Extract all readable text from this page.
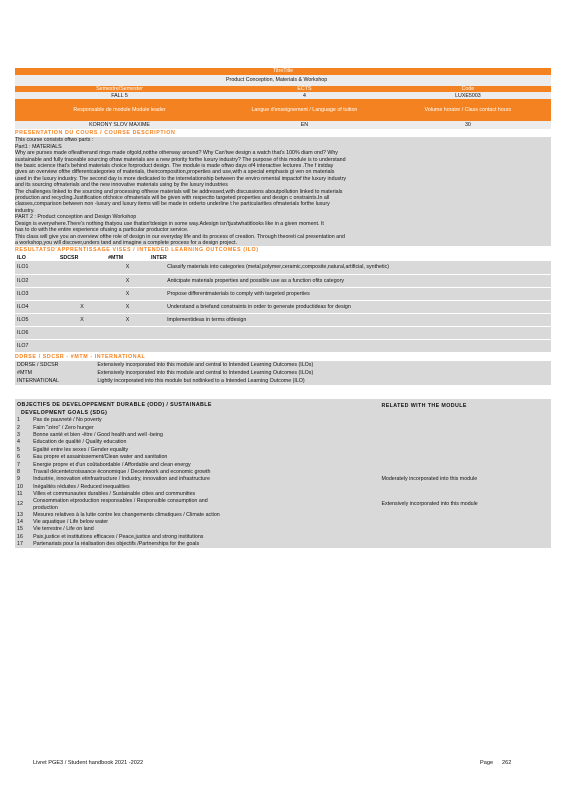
TitreTitle		
	Product Conception, Materials & Workshop	
Semestre/Semester	ECTS	Code
FALL 5	4	LUXE5003
Responsable de module Module leader	Langue d'enseignement / Language of tuition	Volume horaire / Class contact hours
KORONY SLOV MAXIME	EN	30
PRESENTATION DU COURS / COURSE DESCRIPTION
This course consists oftwo parts :
Part1 : MATERIALS
Why are purses made ofleatherand rings made ofgold,notthe otherway around? Why Can'twe design a watch that's 100% diam ond? Why
sustainable and fully traceable sourcing ofraw materials are a new priority forthe luxury industry? The purpose of this module is to understand
the basic science that's behind materials choice forproduct design. The module is made oftwo days of4 interactive lectures .The f irstday
gives an overview ofthe differentcategories of materials, theircomposition,properties and use,with a special emphasis gi ven on materials
used in the luxury industry. The second day is more dedicated to the interrelationship between the enviro nmental impactof the luxury industry
and its sourcing ofmaterials and the new innovative materials using by the luxury industries
The challenges linked to the sourcing and processing ofthese materials will be addressed,with discussions aboutpollution linked to materials
production and recycling.Justification ofchoice ofmaterials will be given with respectto targeted properties and design c onstraints.In all
classes,comparison between non -luxury and luxury items will be made in orderto underline t he particularities ofmaterials forthe luxury
industry.
PART 2 : Product conception and Design Workshop
Design is everywhere.There's nothing thatyou use thatisn'tdesign in some way.Adesign isn'tjustwhatitlooks like in a given moment. It
has to do with the entire experience ofusing a particular productor service.
This class will give you an overview ofthe role of design in our everyday life and its process of creation. Through theoreti cal presentation and
a workshop,you will discover,unders tand and imagine a complete process for a design project.
RESULTATSD'APPRENTISSAGE VISES / INTENDED LEARNING OUTCOMES (ILO)
ILO	SDCSR	#MTM	INTER	
ILO1		X		Classify materials into categories (metal,polymer,ceramic,composite,natural,artificial, synthetic)
ILO2		X		Anticipate materials properties and possible use as a function ofits category
ILO3		X		Propose differentmaterials to comply with targeted properties
ILO4	X	X		Understand a briefand constraints in order to generate productideas for design
ILO5	X	X		Implementideas in terms ofdesign
ILO6				
ILO7				
DDRSE / SDCSR - #MTM - INTERNATIONAL
DDRSE / SDCSR	Extensively incorporated into this module and central to Intended Learning Outcomes (ILOs)
#MTM	Extensively incorporated into this module and central to Intended Learning Outcomes (ILOs)
INTERNATIONAL	Lightly incorporated into this module but notlinked to a Intended Learning Outcome (ILO)
OBJECTIFS DE DEVELOPPEMENT DURABLE (ODD) / SUSTAINABLE	RELATED WITH THE MODULE
DEVELOPMENT GOALS (SDG)
1	Pas de pauvreté / No poverty	

2	Faim "zéro" / Zero hunger	

3	Bonne santé et bien -être / Good health and well -being	

4	Education de qualité / Quality education	

5	Egalité entre les sexes / Gender equality	

6	Eau propre et assainissement/Clean water and sanitation	

7	Energie propre et d'un coûtabordable / Affordable and clean energy	

8	Travail décentetcroissance économique / Decentwork and economic growth	

9	Industrie, innovation etinfrastructure / Industry, innovation and infrastructure	Moderately incorporated into this module
10	Inégalités réduites / Reduced inequalities	

11	Villes et communautes durables / Sustainable cities and communities	

12	Consommation etproduction responsables / Responsible consumption and
production	Extensively incorporated into this module
13	Mesures relatives à la lutte contre les changements climatiques / Climate action	

14	Vie aquatique / Life below water	

15	Vie terrestre / Life on land	

16	Paix,justice et institutions efficaces / Peace,justice and strong institutions	

17	Partenariats pour la réalisation des objectifs /Partnerships for the goals	

Livret PGE3 / Student handbook 2021 -2022	Page 262
